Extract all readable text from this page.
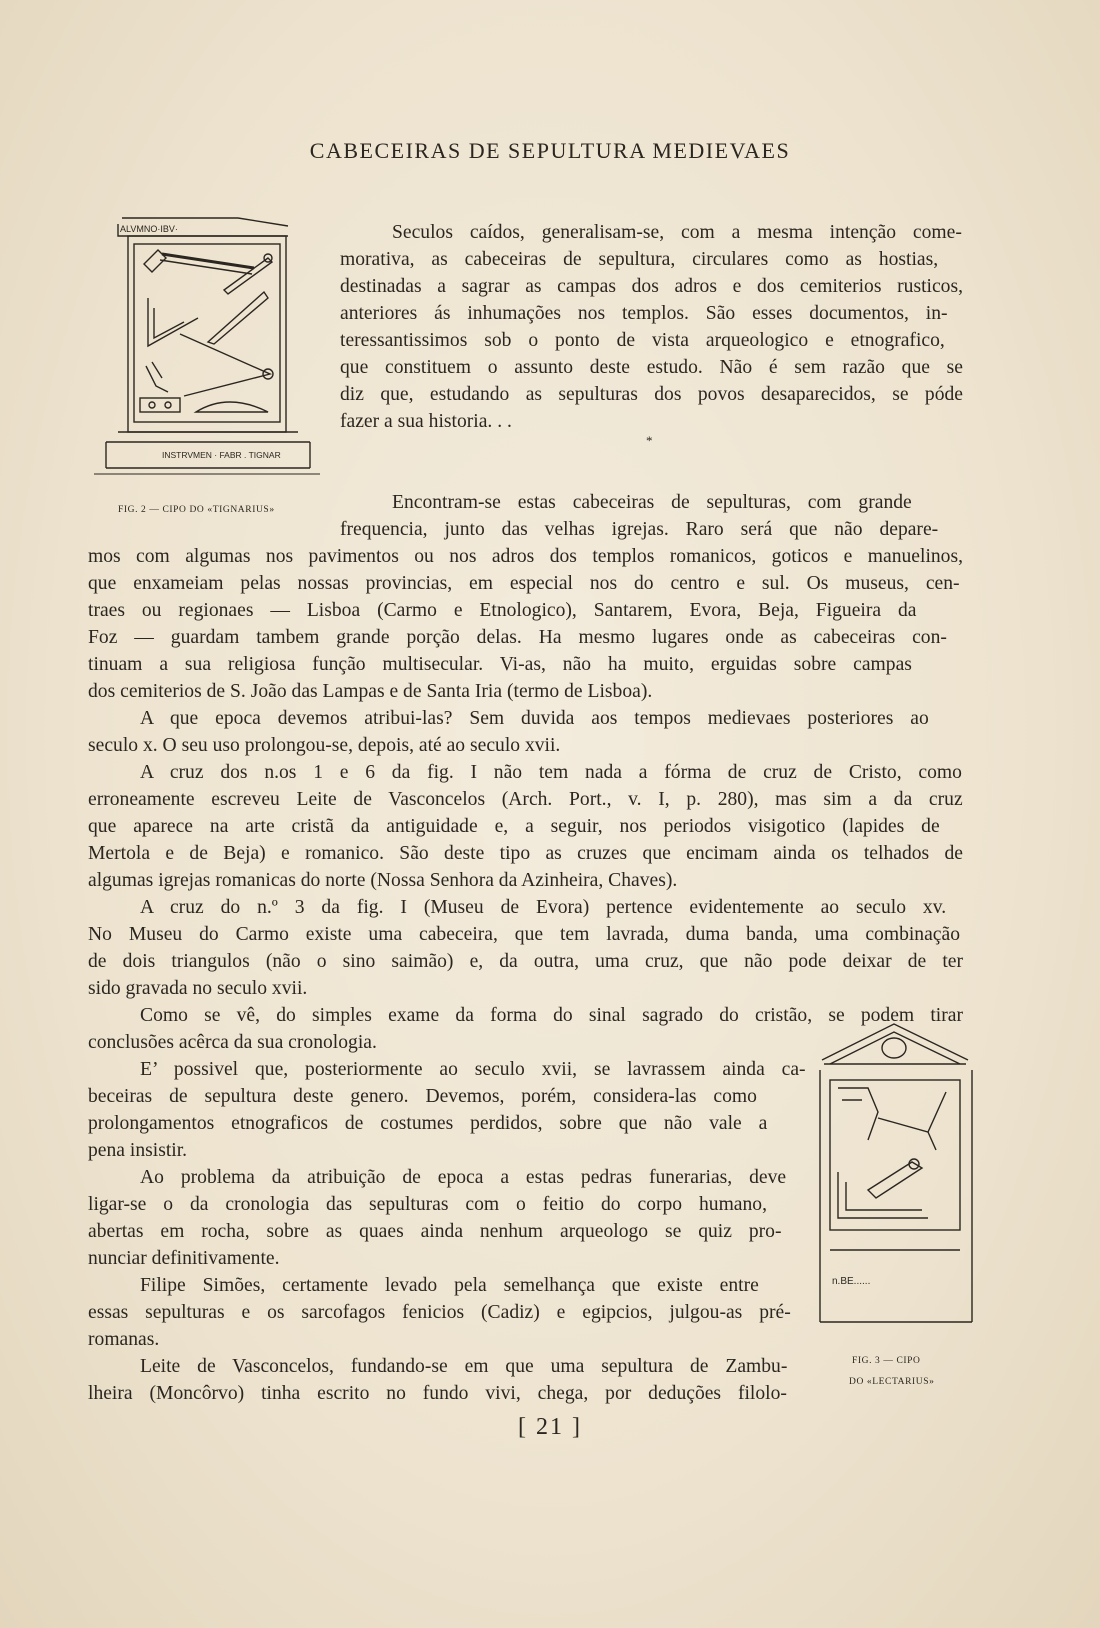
CABECEIRAS DE SEPULTURA MEDIEVAES
ALVMNO·IBV·
INSTRVMEN · FABR . TIGNAR
FIG. 2 — CIPO DO «TIGNARIUS»
n.BE......
FIG. 3 — CIPO
DO «LECTARIUS»
*
Seculos caídos, generalisam-se, com a mesma intenção come-
morativa, as cabeceiras de sepultura, circulares como as hostias,
destinadas a sagrar as campas dos adros e dos cemiterios rusticos,
anteriores ás inhumações nos templos. São esses documentos, in-
teressantissimos sob o ponto de vista arqueologico e etnografico,
que constituem o assunto deste estudo. Não é sem razão que se
diz que, estudando as sepulturas dos povos desaparecidos, se póde
fazer a sua historia. . .
Encontram-se estas cabeceiras de sepulturas, com grande
frequencia, junto das velhas igrejas. Raro será que não depare-
mos com algumas nos pavimentos ou nos adros dos templos romanicos, goticos e manuelinos,
que enxameiam pelas nossas provincias, em especial nos do centro e sul. Os museus, cen-
traes ou regionaes — Lisboa (Carmo e Etnologico), Santarem, Evora, Beja, Figueira da
Foz — guardam tambem grande porção delas. Ha mesmo lugares onde as cabeceiras con-
tinuam a sua religiosa função multisecular. Vi-as, não ha muito, erguidas sobre campas
dos cemiterios de S. João das Lampas e de Santa Iria (termo de Lisboa).
A que epoca devemos atribui-las? Sem duvida aos tempos medievaes posteriores ao
seculo x. O seu uso prolongou-se, depois, até ao seculo xvii.
A cruz dos n.os 1 e 6 da fig. I não tem nada a fórma de cruz de Cristo, como
erroneamente escreveu Leite de Vasconcelos (Arch. Port., v. I, p. 280), mas sim a da cruz
que aparece na arte cristã da antiguidade e, a seguir, nos periodos visigotico (lapides de
Mertola e de Beja) e romanico. São deste tipo as cruzes que encimam ainda os telhados de
algumas igrejas romanicas do norte (Nossa Senhora da Azinheira, Chaves).
A cruz do n.º 3 da fig. I (Museu de Evora) pertence evidentemente ao seculo xv.
No Museu do Carmo existe uma cabeceira, que tem lavrada, duma banda, uma combinação
de dois triangulos (não o sino saimão) e, da outra, uma cruz, que não pode deixar de ter
sido gravada no seculo xvii.
Como se vê, do simples exame da forma do sinal sagrado do cristão, se podem tirar
conclusões acêrca da sua cronologia.
E’ possivel que, posteriormente ao seculo xvii, se lavrassem ainda ca-
beceiras de sepultura deste genero. Devemos, porém, considera-las como
prolongamentos etnograficos de costumes perdidos, sobre que não vale a
pena insistir.
Ao problema da atribuição de epoca a estas pedras funerarias, deve
ligar-se o da cronologia das sepulturas com o feitio do corpo humano,
abertas em rocha, sobre as quaes ainda nenhum arqueologo se quiz pro-
nunciar definitivamente.
Filipe Simões, certamente levado pela semelhança que existe entre
essas sepulturas e os sarcofagos fenicios (Cadiz) e egipcios, julgou-as pré-
romanas.
Leite de Vasconcelos, fundando-se em que uma sepultura de Zambu-
lheira (Moncôrvo) tinha escrito no fundo vivi, chega, por deduções filolo-
[ 21 ]
